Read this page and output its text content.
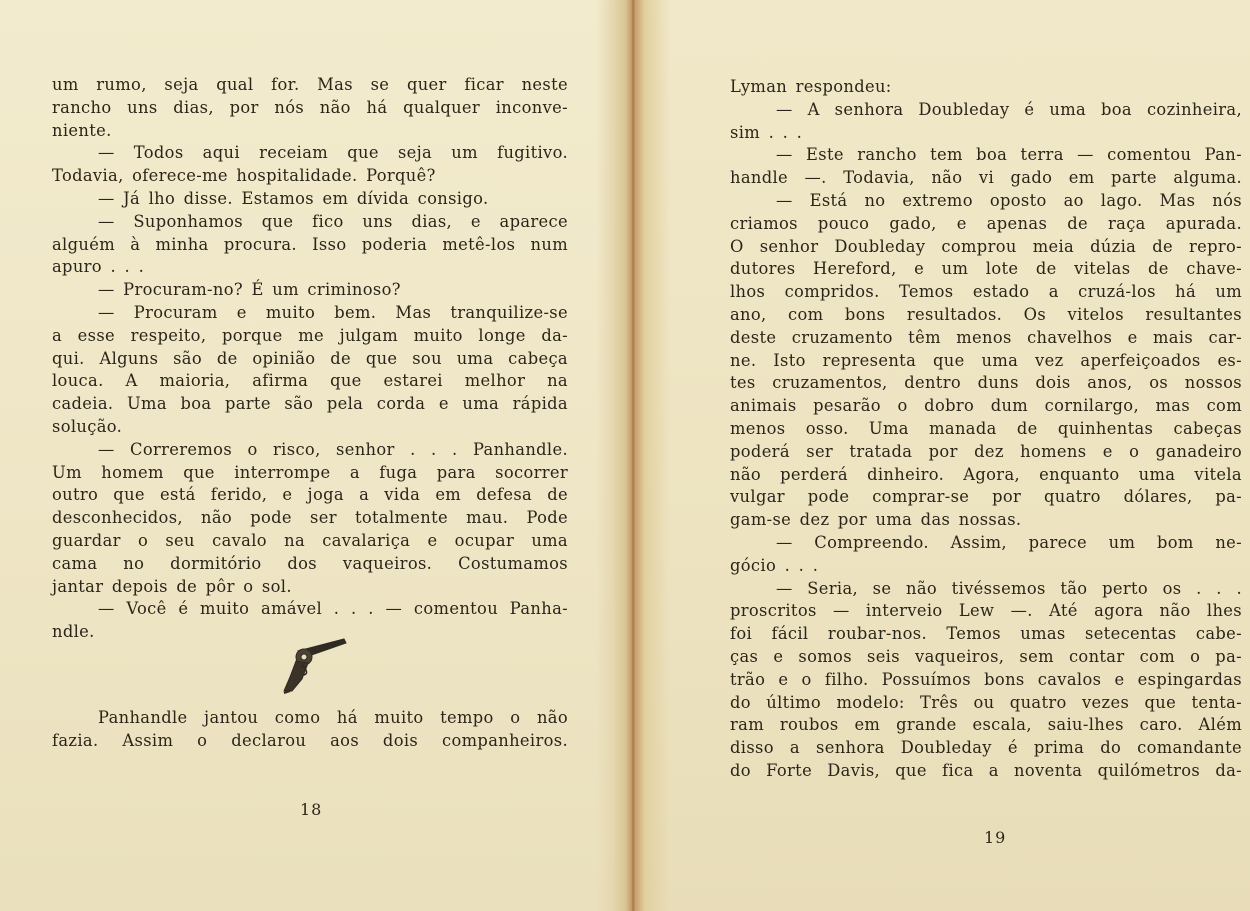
um rumo, seja qual for. Mas se quer ficar neste
rancho uns dias, por nós não há qualquer inconve-
niente.
— Todos aqui receiam que seja um fugitivo.
Todavia, oferece-me hospitalidade. Porquê?
— Já lho disse. Estamos em dívida consigo.
— Suponhamos que fico uns dias, e aparece
alguém à minha procura. Isso poderia metê-los num
apuro . . .
— Procuram-no? É um criminoso?
— Procuram e muito bem. Mas tranquilize-se
a esse respeito, porque me julgam muito longe da-
qui. Alguns são de opinião de que sou uma cabeça
louca. A maioria, afirma que estarei melhor na
cadeia. Uma boa parte são pela corda e uma rápida
solução.
— Correremos o risco, senhor . . . Panhandle.
Um homem que interrompe a fuga para socorrer
outro que está ferido, e joga a vida em defesa de
desconhecidos, não pode ser totalmente mau. Pode
guardar o seu cavalo na cavalariça e ocupar uma
cama no dormitório dos vaqueiros. Costumamos
jantar depois de pôr o sol.
— Você é muito amável . . . — comentou Panha-
ndle.
Panhandle jantou como há muito tempo o não
fazia. Assim o declarou aos dois companheiros.
18
Lyman respondeu:
— A senhora Doubleday é uma boa cozinheira,
sim . . .
— Este rancho tem boa terra — comentou Pan-
handle —. Todavia, não vi gado em parte alguma.
— Está no extremo oposto ao lago. Mas nós
criamos pouco gado, e apenas de raça apurada.
O senhor Doubleday comprou meia dúzia de repro-
dutores Hereford, e um lote de vitelas de chave-
lhos compridos. Temos estado a cruzá-los há um
ano, com bons resultados. Os vitelos resultantes
deste cruzamento têm menos chavelhos e mais car-
ne. Isto representa que uma vez aperfeiçoados es-
tes cruzamentos, dentro duns dois anos, os nossos
animais pesarão o dobro dum cornilargo, mas com
menos osso. Uma manada de quinhentas cabeças
poderá ser tratada por dez homens e o ganadeiro
não perderá dinheiro. Agora, enquanto uma vitela
vulgar pode comprar-se por quatro dólares, pa-
gam-se dez por uma das nossas.
— Compreendo. Assim, parece um bom ne-
gócio . . .
— Seria, se não tivéssemos tão perto os . . .
proscritos — interveio Lew —. Até agora não lhes
foi fácil roubar-nos. Temos umas setecentas cabe-
ças e somos seis vaqueiros, sem contar com o pa-
trão e o filho. Possuímos bons cavalos e espingardas
do último modelo: Três ou quatro vezes que tenta-
ram roubos em grande escala, saiu-lhes caro. Além
disso a senhora Doubleday é prima do comandante
do Forte Davis, que fica a noventa quilómetros da-
19
